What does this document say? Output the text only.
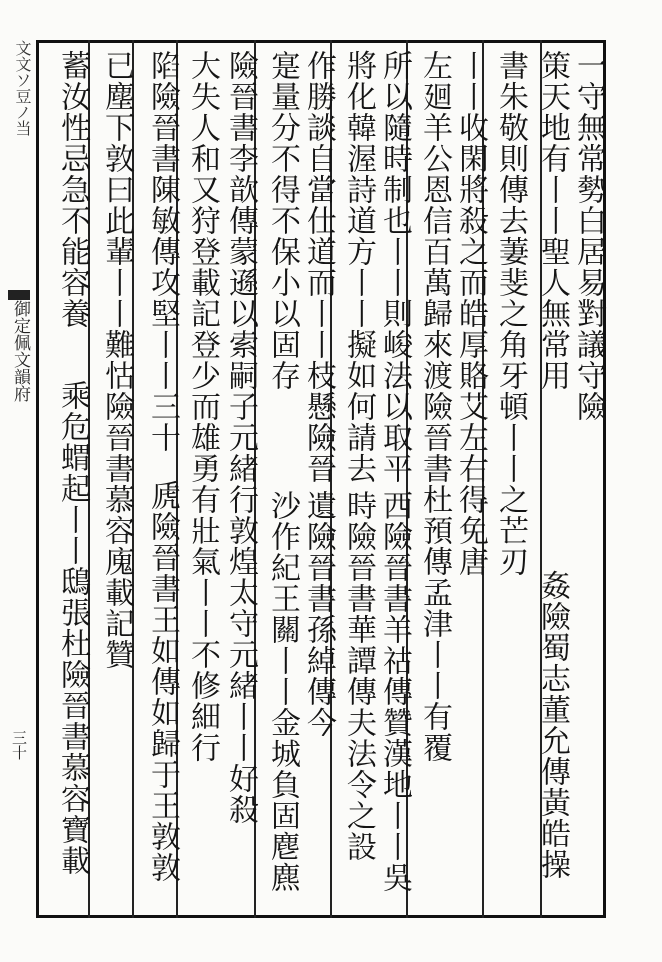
文文ソ豆ノ当
御定佩文韻府
三十
一守無常勢白居易對議守險
姦險蜀志董允傳黃皓操
策天地有丨丨聖人無常用
書朱敬則傳去萋斐之角牙頓丨丨之芒刃
丨丨收閑將殺之而皓厚賂艾左右得免唐
左廻羊公恩信百萬歸來渡險晉書杜預傳孟津丨丨有覆
所以隨時制也丨丨則峻法以取平
西險晉書羊祜傳贊漢地丨丨吳
將化韓渥詩道方丨丨擬如何請去
時險晉書華譚傳夫法令之設
作勝談自當仕道而丨丨枝懸險晉
遺險晉書孫綽傳今
寔量分不得不保小以固存
沙作紀王關丨丨金城負固麀麃
險晉書李歆傳蒙遜以索嗣子元緒行敦煌太守元緒丨丨好殺
大失人和又狩登載記登少而雄勇有壯氣丨丨不修細行
陷險晉書陳敏傳攻堅丨丨三十
虒險晉書王如傳如歸于王敦敦
已塵下敦曰此輩丨丨難怙險晉書慕容廆載記贊
蓄汝性忌急不能容養
乘危蝟起丨丨鴟張杜險晉書慕容寶載
